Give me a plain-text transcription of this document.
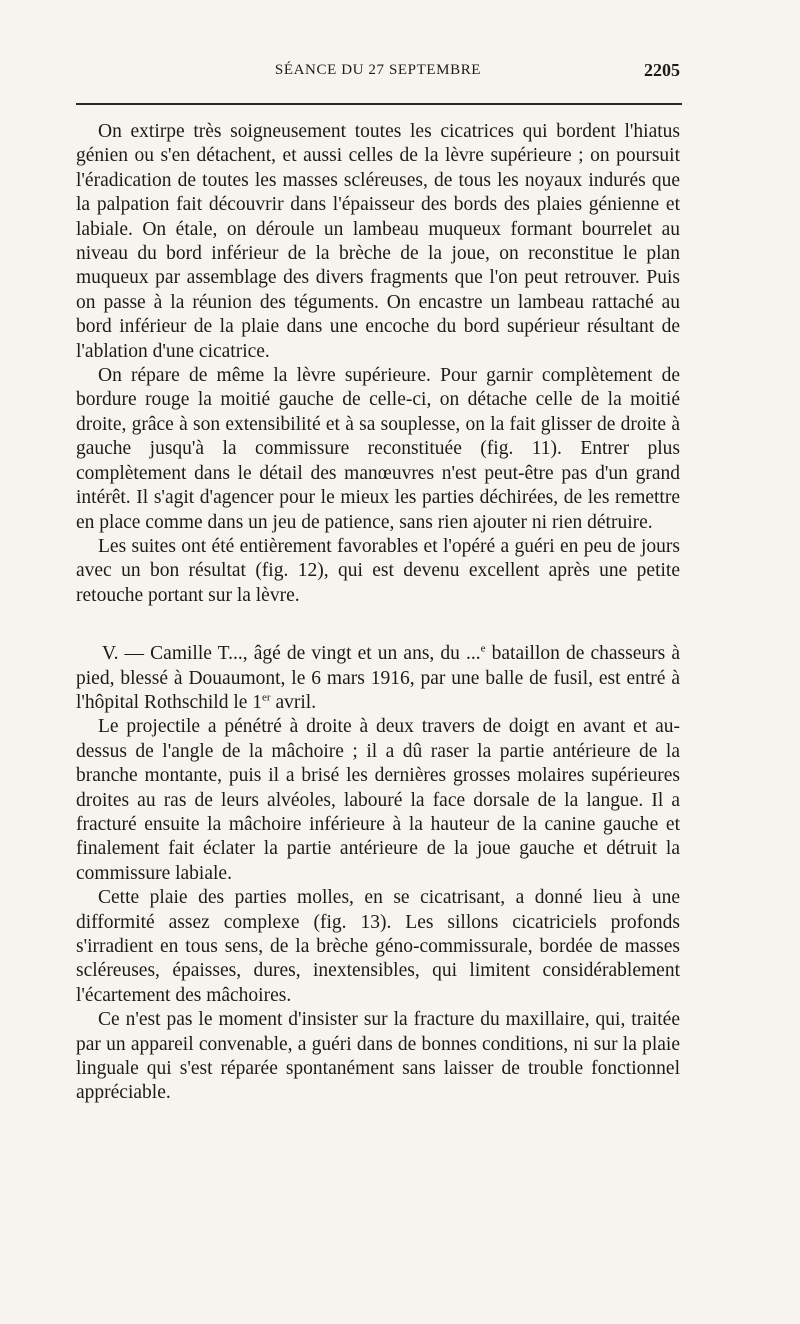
SÉANCE DU 27 SEPTEMBRE	2205

On extirpe très soigneusement toutes les cicatrices qui bordent l'hiatus génien ou s'en détachent, et aussi celles de la lèvre supérieure ; on poursuit l'éradication de toutes les masses scléreuses, de tous les noyaux indurés que la palpation fait découvrir dans l'épaisseur des bords des plaies génienne et labiale. On étale, on déroule un lambeau muqueux formant bourrelet au niveau du bord inférieur de la brèche de la joue, on reconstitue le plan muqueux par assemblage des divers fragments que l'on peut retrouver. Puis on passe à la réunion des téguments. On encastre un lambeau rattaché au bord inférieur de la plaie dans une encoche du bord supérieur résultant de l'ablation d'une cicatrice.

On répare de même la lèvre supérieure. Pour garnir complètement de bordure rouge la moitié gauche de celle-ci, on détache celle de la moitié droite, grâce à son extensibilité et à sa souplesse, on la fait glisser de droite à gauche jusqu'à la commissure reconstituée (fig. 11). Entrer plus complètement dans le détail des manœuvres n'est peut-être pas d'un grand intérêt. Il s'agit d'agencer pour le mieux les parties déchirées, de les remettre en place comme dans un jeu de patience, sans rien ajouter ni rien détruire.

Les suites ont été entièrement favorables et l'opéré a guéri en peu de jours avec un bon résultat (fig. 12), qui est devenu excellent après une petite retouche portant sur la lèvre.

V. — Camille T..., âgé de vingt et un ans, du ...$^e$ bataillon de chasseurs à pied, blessé à Douaumont, le 6 mars 1916, par une balle de fusil, est entré à l'hôpital Rothschild le 1er avril.

Le projectile a pénétré à droite à deux travers de doigt en avant et au-dessus de l'angle de la mâchoire ; il a dû raser la partie antérieure de la branche montante, puis il a brisé les dernières grosses molaires supérieures droites au ras de leurs alvéoles, labouré la face dorsale de la langue. Il a fracturé ensuite la mâchoire inférieure à la hauteur de la canine gauche et finalement fait éclater la partie antérieure de la joue gauche et détruit la commissure labiale.

Cette plaie des parties molles, en se cicatrisant, a donné lieu à une difformité assez complexe (fig. 13). Les sillons cicatriciels profonds s'irradient en tous sens, de la brèche géno-commissurale, bordée de masses scléreuses, épaisses, dures, inextensibles, qui limitent considérablement l'écartement des mâchoires.

Ce n'est pas le moment d'insister sur la fracture du maxillaire, qui, traitée par un appareil convenable, a guéri dans de bonnes conditions, ni sur la plaie linguale qui s'est réparée spontanément sans laisser de trouble fonctionnel appréciable.
